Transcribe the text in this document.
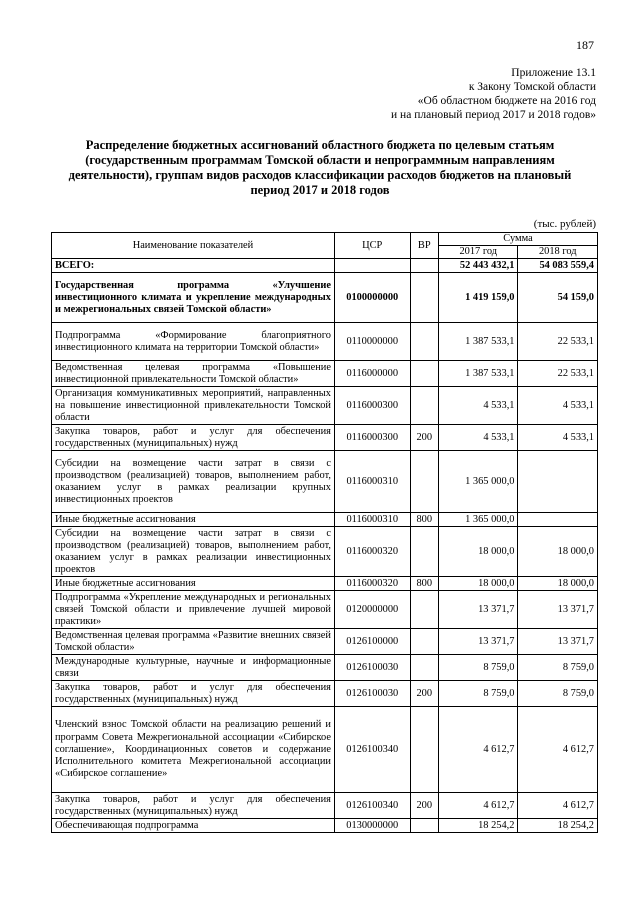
187
Приложение 13.1
к Закону Томской области
«Об областном бюджете на 2016 год
и на плановый период 2017 и 2018 годов»
Распределение бюджетных ассигнований областного бюджета по целевым статьям (государственным программам Томской области и непрограммным направлениям деятельности), группам видов расходов классификации расходов бюджетов на плановый период 2017 и 2018 годов
(тыс. рублей)
Наименование показателей	ЦСР	ВР	Сумма	
			2017 год	2018 год
ВСЕГО:			52 443 432,1	54 083 559,4
Государственная программа «Улучшение инвестиционного климата и укрепление международных и межрегиональных связей Томской области»	0100000000		1 419 159,0	54 159,0
Подпрограмма «Формирование благоприятного инвестиционного климата на территории Томской области»	0110000000		1 387 533,1	22 533,1
Ведомственная целевая программа «Повышение инвестиционной привлекательности Томской области»	0116000000		1 387 533,1	22 533,1
Организация коммуникативных мероприятий, направленных на повышение инвестиционной привлекательности Томской области	0116000300		4 533,1	4 533,1
Закупка товаров, работ и услуг для обеспечения государственных (муниципальных) нужд	0116000300	200	4 533,1	4 533,1
Субсидии на возмещение части затрат в связи с производством (реализацией) товаров, выполнением работ, оказанием услуг в рамках реализации крупных инвестиционных проектов	0116000310		1 365 000,0	
Иные бюджетные ассигнования	0116000310	800	1 365 000,0	
Субсидии на возмещение части затрат в связи с производством (реализацией) товаров, выполнением работ, оказанием услуг в рамках реализации инвестиционных проектов	0116000320		18 000,0	18 000,0
Иные бюджетные ассигнования	0116000320	800	18 000,0	18 000,0
Подпрограмма «Укрепление международных и региональных связей Томской области и привлечение лучшей мировой практики»	0120000000		13 371,7	13 371,7
Ведомственная целевая программа «Развитие внешних связей Томской области»	0126100000		13 371,7	13 371,7
Международные культурные, научные и информационные связи	0126100030		8 759,0	8 759,0
Закупка товаров, работ и услуг для обеспечения государственных (муниципальных) нужд	0126100030	200	8 759,0	8 759,0
Членский взнос Томской области на реализацию решений и программ Совета Межрегиональной ассоциации «Сибирское соглашение», Координационных советов и содержание Исполнительного комитета Межрегиональной ассоциации «Сибирское соглашение»	0126100340		4 612,7	4 612,7
Закупка товаров, работ и услуг для обеспечения государственных (муниципальных) нужд	0126100340	200	4 612,7	4 612,7
Обеспечивающая подпрограмма	0130000000		18 254,2	18 254,2
